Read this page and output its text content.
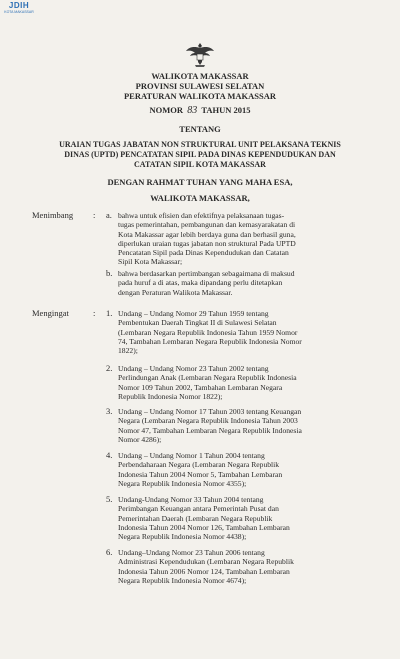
JDIH
KOTA MAKASSAR
WALIKOTA MAKASSAR
PROVINSI SULAWESI SELATAN
PERATURAN WALIKOTA MAKASSAR
NOMOR 83 TAHUN 2015
TENTANG
URAIAN TUGAS JABATAN NON STRUKTURAL UNIT PELAKSANA TEKNIS
DINAS (UPTD) PENCATATAN SIPIL PADA DINAS KEPENDUDUKAN DAN
CATATAN SIPIL KOTA MAKASSAR
DENGAN RAHMAT TUHAN YANG MAHA ESA,
WALIKOTA MAKASSAR,
Menimbang : a. bahwa untuk efisien dan efektifnya pelaksanaan tugas-
tugas pemerintahan, pembangunan dan kemasyarakatan di
Kota Makassar agar lebih berdaya guna dan berhasil guna,
diperlukan uraian tugas jabatan non struktural Pada UPTD
Pencatatan Sipil pada Dinas Kependudukan dan Catatan
Sipil Kota Makassar;
b. bahwa berdasarkan pertimbangan sebagaimana di maksud
pada huruf a di atas, maka dipandang perlu ditetapkan
dengan Peraturan Walikota Makassar.
Mengingat	: 1. Undang – Undang Nomor 29 Tahun 1959 tentang
Pembentukan Daerah Tingkat II di Sulawesi Selatan
(Lembaran Negara Republik Indonesia Tahun 1959 Nomor
74, Tambahan Lembaran Negara Republik Indonesia Nomor
1822);
2. Undang – Undang Nomor 23 Tahun 2002 tentang
Perlindungan Anak (Lembaran Negara Republik Indonesia
Nomor 109 Tahun 2002, Tambahan Lembaran Negara
Republik Indonesia Nomor 1822);
3. Undang – Undang Nomor 17 Tahun 2003 tentang Keuangan
Negara (Lembaran Negara Republik Indonesia Tahun 2003
Nomor 47, Tambahan Lembaran Negara Republik Indonesia
Nomor 4286);
4. Undang – Undang Nomor 1 Tahun 2004 tentang
Perbendaharaan Negara (Lembaran Negara Republik
Indonesia Tahun 2004 Nomor 5, Tambahan Lembaran
Negara Republik Indonesia Nomor 4355);
5. Undang-Undang Nomor 33 Tahun 2004 tentang
Perimbangan Keuangan antara Pemerintah Pusat dan
Pemerintahan Daerah (Lembaran Negara Republik
Indonesia Tahun 2004 Nomor 126, Tambahan Lembaran
Negara Republik Indonesia Nomor 4438);
6. Undang–Undang Nomor 23 Tahun 2006 tentang
Administrasi Kependudukan (Lembaran Negara Republik
Indonesia Tahun 2006 Nomor 124, Tambahan Lembaran
Negara Republik Indonesia Nomor 4674);
